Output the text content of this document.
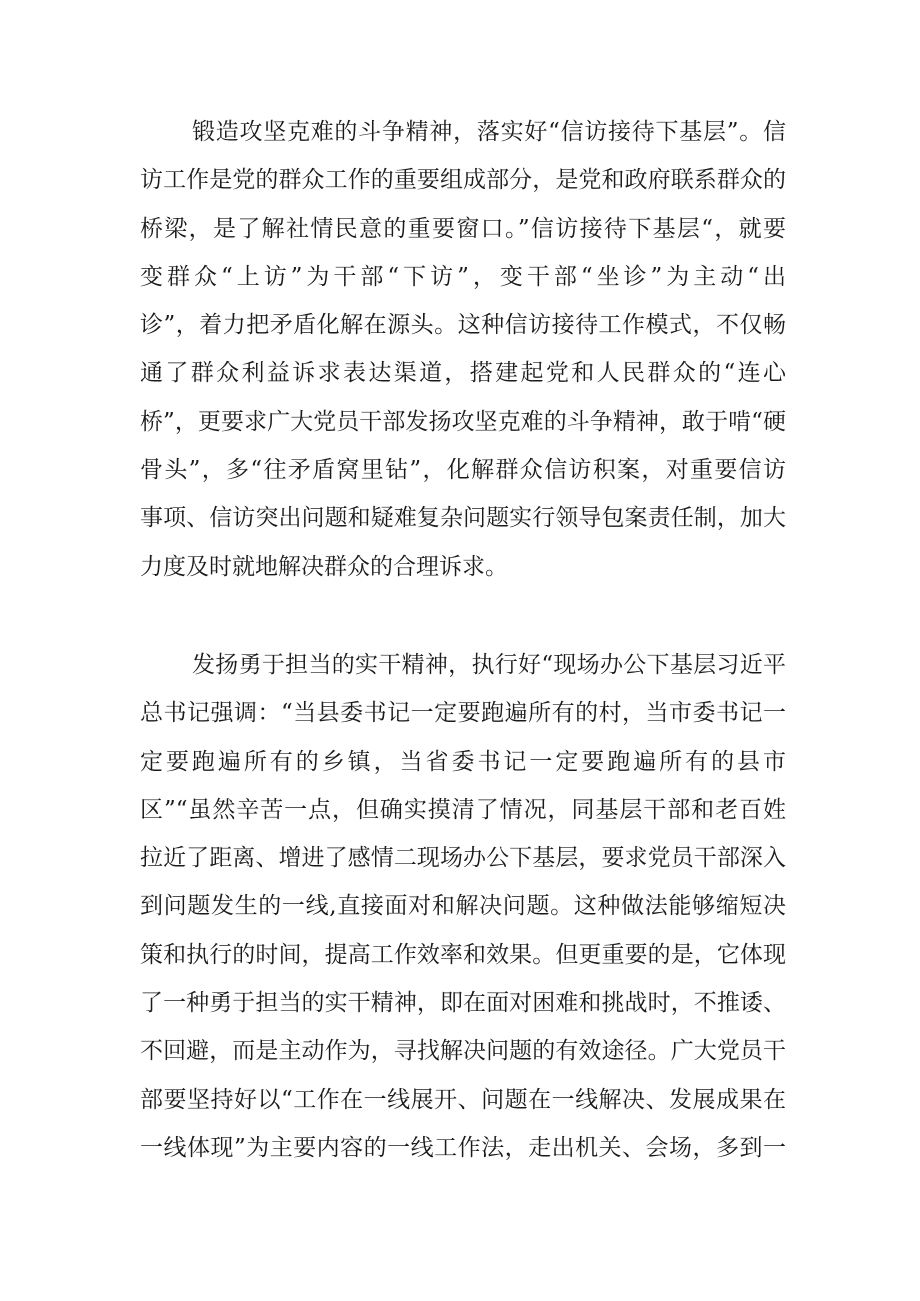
锻造攻坚克难的斗争精神，落实好“信访接待下基层”。信
访工作是党的群众工作的重要组成部分，是党和政府联系群众的
桥梁，是了解社情民意的重要窗口。”信访接待下基层“，就要
变群众“上访”为干部“下访”，变干部“坐诊”为主动“出
诊”，着力把矛盾化解在源头。这种信访接待工作模式，不仅畅
通了群众利益诉求表达渠道，搭建起党和人民群众的“连心
桥”，更要求广大党员干部发扬攻坚克难的斗争精神，敢于啃“硬
骨头”，多“往矛盾窝里钻”，化解群众信访积案，对重要信访
事项、信访突出问题和疑难复杂问题实行领导包案责任制，加大
力度及时就地解决群众的合理诉求。
发扬勇于担当的实干精神，执行好“现场办公下基层习近平
总书记强调：“当县委书记一定要跑遍所有的村，当市委书记一
定要跑遍所有的乡镇，当省委书记一定要跑遍所有的县市
区”“虽然辛苦一点，但确实摸清了情况，同基层干部和老百姓
拉近了距离、增进了感情二现场办公下基层，要求党员干部深入
到问题发生的一线,直接面对和解决问题。这种做法能够缩短决
策和执行的时间，提高工作效率和效果。但更重要的是，它体现
了一种勇于担当的实干精神，即在面对困难和挑战时，不推诿、
不回避，而是主动作为，寻找解决问题的有效途径。广大党员干
部要坚持好以“工作在一线展开、问题在一线解决、发展成果在
一线体现”为主要内容的一线工作法，走出机关、会场，多到一
